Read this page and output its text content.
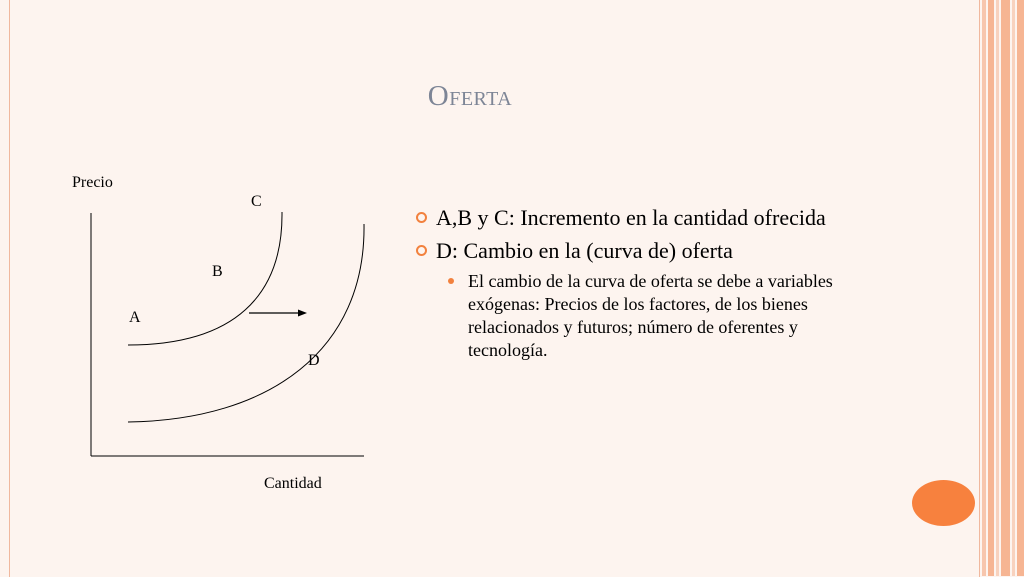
Oferta
Precio
A
B
C
D
Cantidad
A,B y C: Incremento en la cantidad ofrecida
D: Cambio en la (curva de) oferta
El cambio de la curva de oferta se debe a variables exógenas: Precios de los factores, de los bienes relacionados y futuros; número de oferentes y tecnología.
